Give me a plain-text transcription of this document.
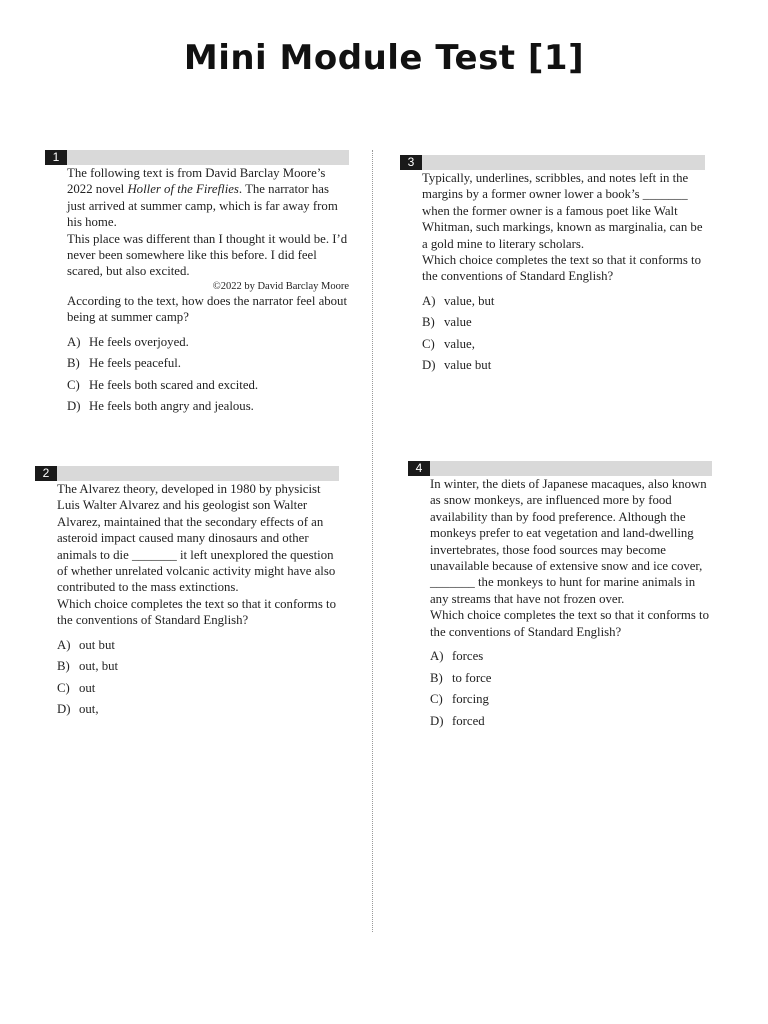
Mini Module Test [1]
1

The following text is from David Barclay Moore’s 2022 novel Holler of the Fireflies. The narrator has just arrived at summer camp, which is far away from his home.

This place was different than I thought it would be. I’d never been somewhere like this before. I did feel scared, but also excited.

©2022 by David Barclay Moore

According to the text, how does the narrator feel about being at summer camp?

A) He feels overjoyed.
B) He feels peaceful.
C) He feels both scared and excited.
D) He feels both angry and jealous.
2

The Alvarez theory, developed in 1980 by physicist Luis Walter Alvarez and his geologist son Walter Alvarez, maintained that the secondary effects of an asteroid impact caused many dinosaurs and other animals to die _______ it left unexplored the question of whether unrelated volcanic activity might have also contributed to the mass extinctions.

Which choice completes the text so that it conforms to the conventions of Standard English?

A) out but
B) out, but
C) out
D) out,
3

Typically, underlines, scribbles, and notes left in the margins by a former owner lower a book’s _______ when the former owner is a famous poet like Walt Whitman, such markings, known as marginalia, can be a gold mine to literary scholars.

Which choice completes the text so that it conforms to the conventions of Standard English?

A) value, but
B) value
C) value,
D) value but
4

In winter, the diets of Japanese macaques, also known as snow monkeys, are influenced more by food availability than by food preference. Although the monkeys prefer to eat vegetation and land-dwelling invertebrates, those food sources may become unavailable because of extensive snow and ice cover, _______ the monkeys to hunt for marine animals in any streams that have not frozen over.

Which choice completes the text so that it conforms to the conventions of Standard English?

A) forces
B) to force
C) forcing
D) forced
